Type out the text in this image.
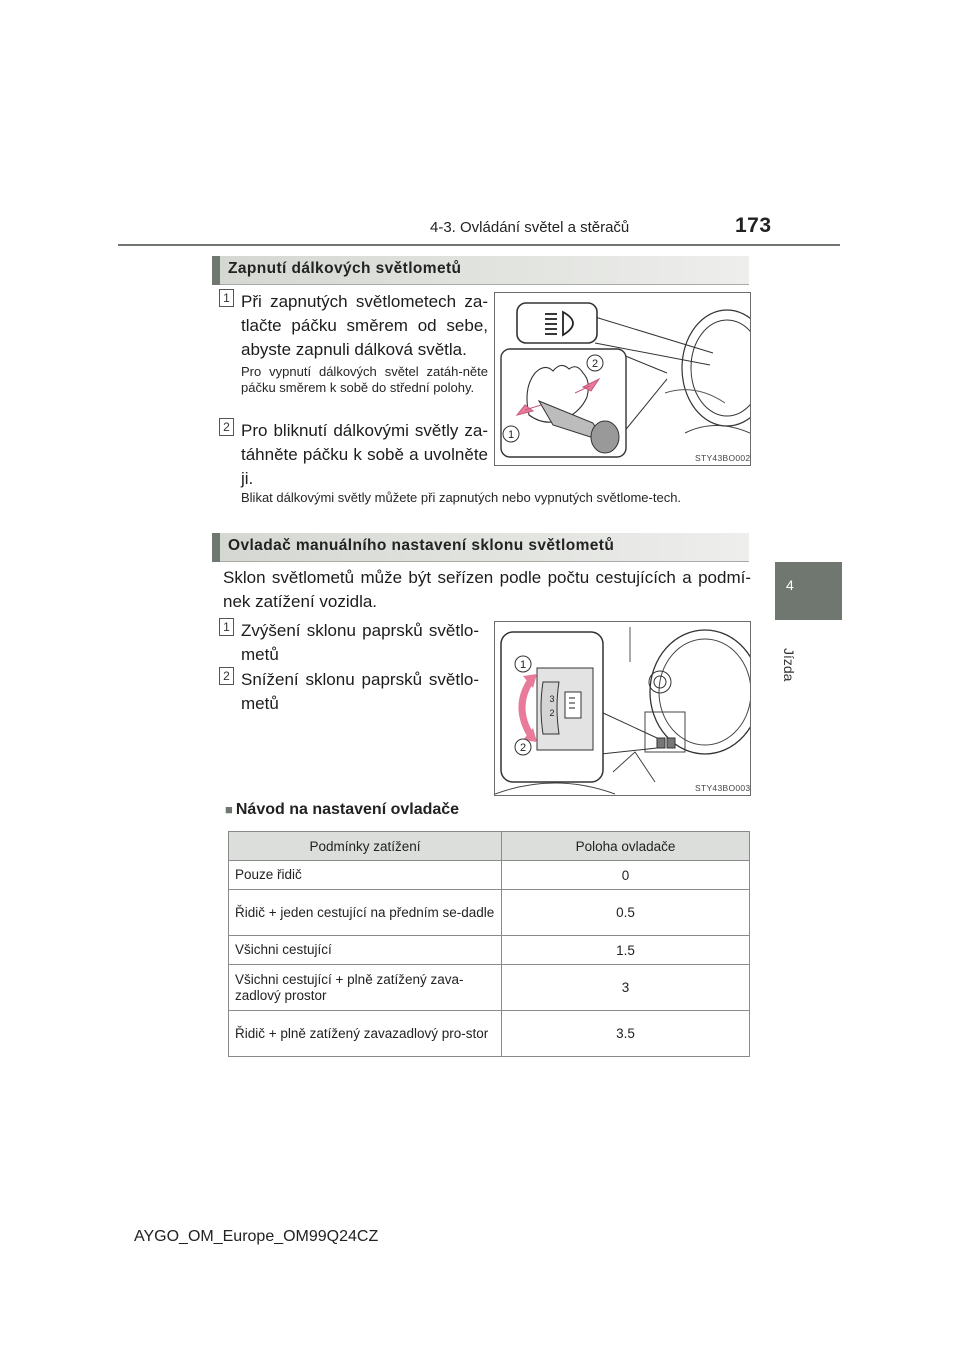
4-3. Ovládání světel a stěračů	173
4
Jízda
Zapnutí dálkových světlometů
1 Při zapnutých světlometech za-tlačte páčku směrem od sebe, abyste zapnuli dálková světla.
Pro vypnutí dálkových světel zatáh-něte páčku směrem k sobě do střední polohy.
2 Pro bliknutí dálkovými světly za-táhněte páčku k sobě a uvolněte ji.
Blikat dálkovými světly můžete při zapnutých nebo vypnutých světlome-tech.
2
1
STY43BO002
Ovladač manuálního nastavení sklonu světlometů
Sklon světlometů může být seřízen podle počtu cestujících a podmí-nek zatížení vozidla.
1 Zvýšení sklonu paprsků světlo-metů
2 Snížení sklonu paprsků světlo-metů	3
2
1
2
STY43BO003
■ Návod na nastavení ovladače
Podmínky zatížení	Poloha ovladače
Pouze řidič	0
Řidič + jeden cestující na předním se-dadle	0.5
Všichni cestující	1.5
Všichni cestující + plně zatížený zava-zadlový prostor	3
Řidič + plně zatížený zavazadlový pro-stor	3.5
AYGO_OM_Europe_OM99Q24CZ
